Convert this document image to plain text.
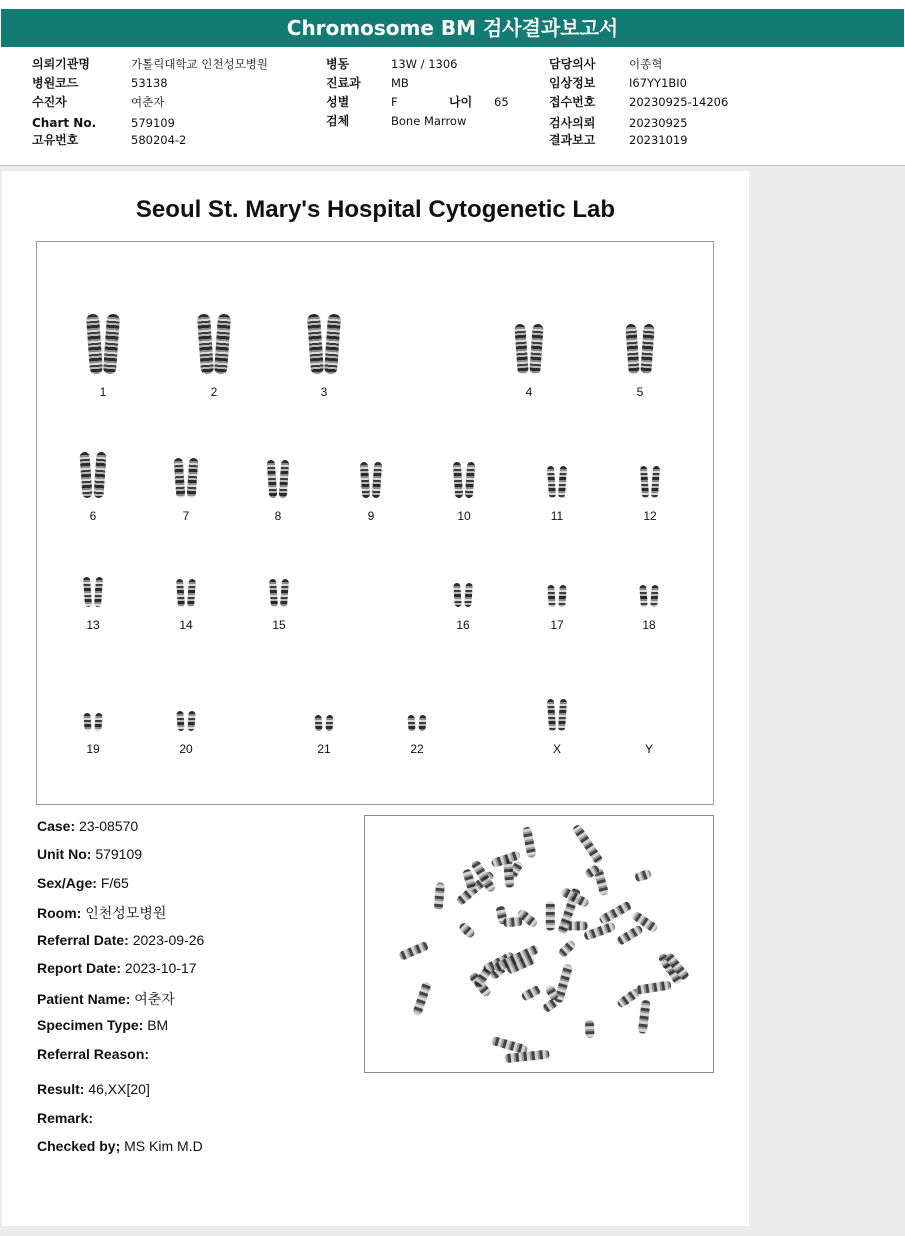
Chromosome BM 검사결과보고서
의뢰기관명	가톨릭대학교 인천성모병원
병원코드	53138
수진자	여춘자
Chart No.	579109
고유번호	580204-2
병동	13W / 1306
진료과	MB
성별	F	나이 65
검체	Bone Marrow
담당의사	이종혁
임상정보	I67YY1BI0
접수번호	20230925-14206
검사의뢰	20230925
결과보고	20231019
Seoul St. Mary's Hospital Cytogenetic Lab
1	2	3	4	5
6	7	8	9	10	11	12
13	14	15	16	17	18
19	20	21	22	X	Y
Case: 23-08570
Unit No: 579109
Sex/Age: F/65
Room: 인천성모병원
Referral Date: 2023-09-26
Report Date: 2023-10-17
Patient Name: 여춘자
Specimen Type: BM
Referral Reason:
Result: 46,XX[20]
Remark:
Checked by; MS Kim M.D
